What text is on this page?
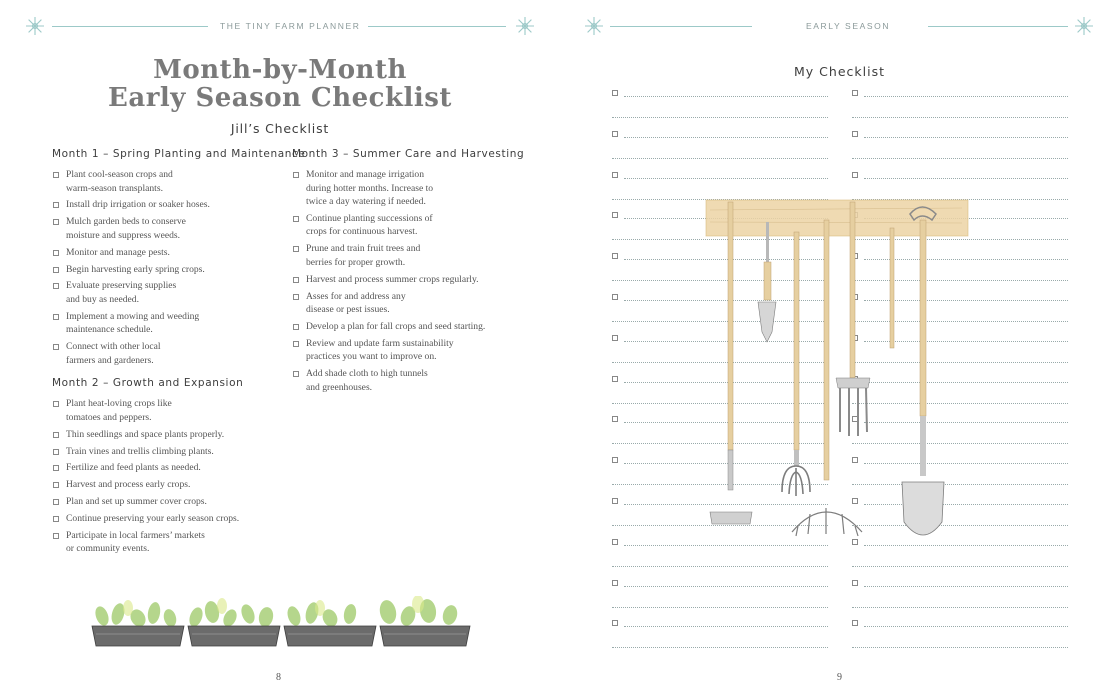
THE TINY FARM PLANNER
Month-by-Month
Early Season Checklist
Jill’s Checklist
Month 1 – Spring Planting and Maintenance
Plant cool-season crops and
warm-season transplants.
Install drip irrigation or soaker hoses.
Mulch garden beds to conserve
moisture and suppress weeds.
Monitor and manage pests.
Begin harvesting early spring crops.
Evaluate preserving supplies
and buy as needed.
Implement a mowing and weeding
maintenance schedule.
Connect with other local
farmers and gardeners.
Month 2 – Growth and Expansion
Plant heat-loving crops like
tomatoes and peppers.
Thin seedlings and space plants properly.
Train vines and trellis climbing plants.
Fertilize and feed plants as needed.
Harvest and process early crops.
Plan and set up summer cover crops.
Continue preserving your early season crops.
Participate in local farmers’ markets
or community events.
Month 3 – Summer Care and Harvesting
Monitor and manage irrigation
during hotter months. Increase to
twice a day watering if needed.
Continue planting successions of
crops for continuous harvest.
Prune and train fruit trees and
berries for proper growth.
Harvest and process summer crops regularly.
Asses for and address any
disease or pest issues.
Develop a plan for fall crops and seed starting.
Review and update farm sustainability
practices you want to improve on.
Add shade cloth to high tunnels
and greenhouses.
8
EARLY SEASON
My Checklist
9
